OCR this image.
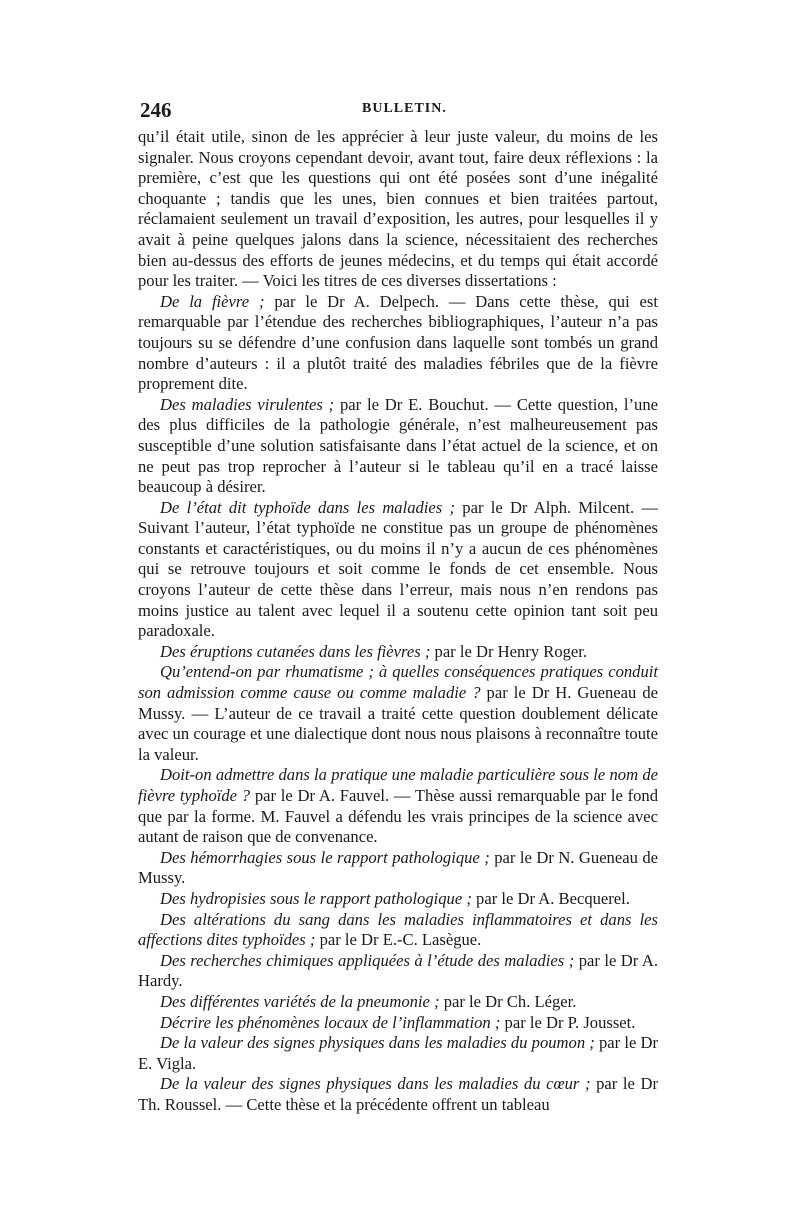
246	BULLETIN.

qu’il était utile, sinon de les apprécier à leur juste valeur, du moins de les signaler. Nous croyons cependant devoir, avant tout, faire deux réflexions : la première, c’est que les questions qui ont été posées sont d’une inégalité choquante ; tandis que les unes, bien connues et bien traitées partout, réclamaient seulement un travail d’exposition, les autres, pour lesquelles il y avait à peine quelques jalons dans la science, nécessitaient des recherches bien au-dessus des efforts de jeunes médecins, et du temps qui était accordé pour les traiter. — Voici les titres de ces diverses dissertations :

De la fièvre ; par le Dr A. Delpech. — Dans cette thèse, qui est remarquable par l’étendue des recherches bibliographiques, l’auteur n’a pas toujours su se défendre d’une confusion dans laquelle sont tombés un grand nombre d’auteurs : il a plutôt traité des maladies fébriles que de la fièvre proprement dite.

Des maladies virulentes ; par le Dr E. Bouchut. — Cette question, l’une des plus difficiles de la pathologie générale, n’est malheureusement pas susceptible d’une solution satisfaisante dans l’état actuel de la science, et on ne peut pas trop reprocher à l’auteur si le tableau qu’il en a tracé laisse beaucoup à désirer.

De l’état dit typhoïde dans les maladies ; par le Dr Alph. Milcent. — Suivant l’auteur, l’état typhoïde ne constitue pas un groupe de phénomènes constants et caractéristiques, ou du moins il n’y a aucun de ces phénomènes qui se retrouve toujours et soit comme le fonds de cet ensemble. Nous croyons l’auteur de cette thèse dans l’erreur, mais nous n’en rendons pas moins justice au talent avec lequel il a soutenu cette opinion tant soit peu paradoxale.

Des éruptions cutanées dans les fièvres ; par le Dr Henry Roger.

Qu’entend-on par rhumatisme ; à quelles conséquences pratiques conduit son admission comme cause ou comme maladie ? par le Dr H. Gueneau de Mussy. — L’auteur de ce travail a traité cette question doublement délicate avec un courage et une dialectique dont nous nous plaisons à reconnaître toute la valeur.

Doit-on admettre dans la pratique une maladie particulière sous le nom de fièvre typhoïde ? par le Dr A. Fauvel. — Thèse aussi remarquable par le fond que par la forme. M. Fauvel a défendu les vrais principes de la science avec autant de raison que de convenance.

Des hémorrhagies sous le rapport pathologique ; par le Dr N. Gueneau de Mussy.

Des hydropisies sous le rapport pathologique ; par le Dr A. Becquerel.

Des altérations du sang dans les maladies inflammatoires et dans les affections dites typhoïdes ; par le Dr E.-C. Lasègue.

Des recherches chimiques appliquées à l’étude des maladies ; par le Dr A. Hardy.

Des différentes variétés de la pneumonie ; par le Dr Ch. Léger.

Décrire les phénomènes locaux de l’inflammation ; par le Dr P. Jousset.

De la valeur des signes physiques dans les maladies du poumon ; par le Dr E. Vigla.

De la valeur des signes physiques dans les maladies du cœur ; par le Dr Th. Roussel. — Cette thèse et la précédente offrent un tableau
